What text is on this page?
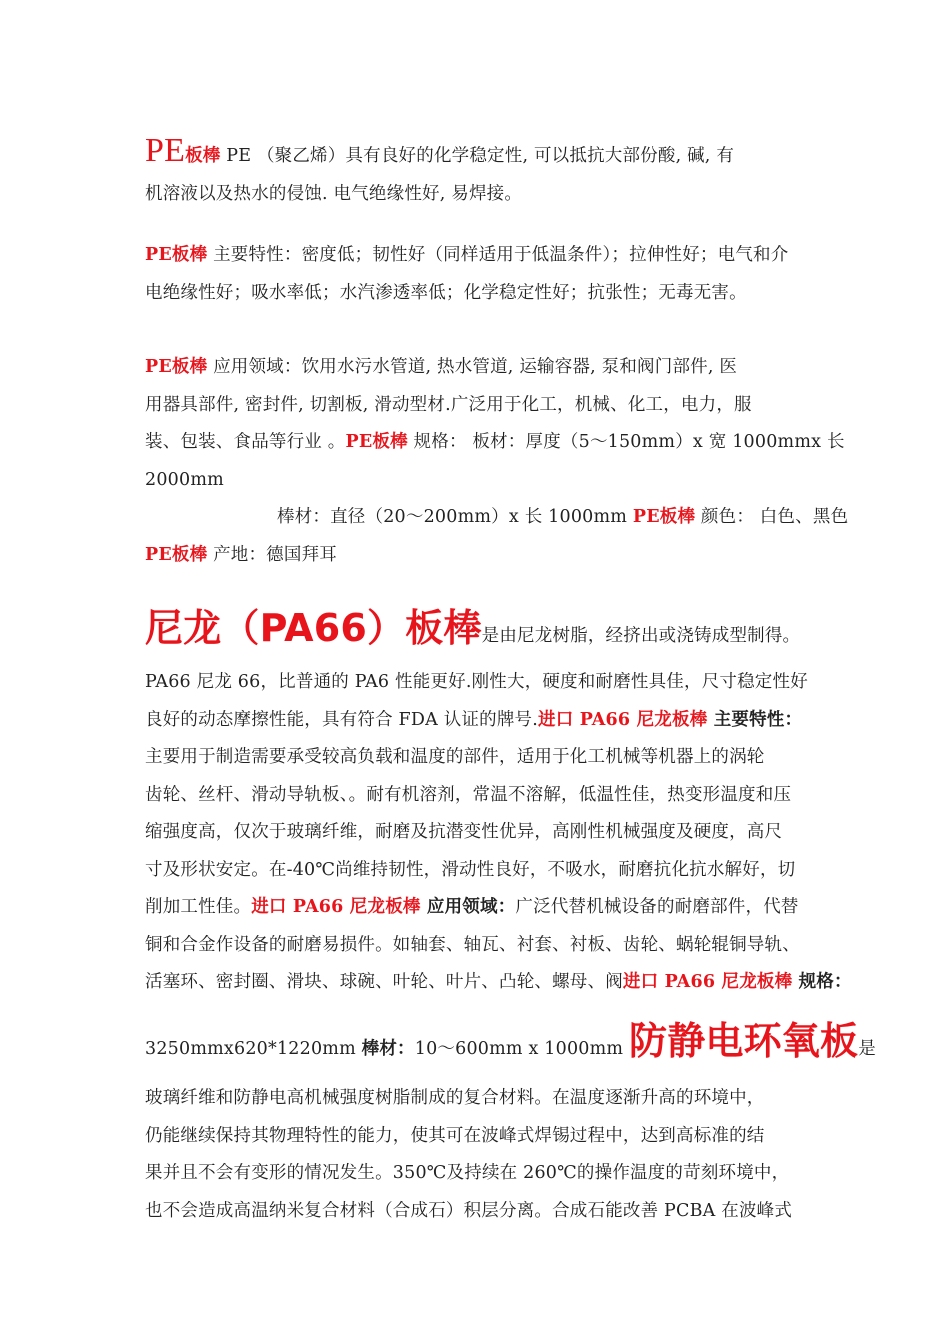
PE板棒 PE （聚乙烯）具有良好的化学稳定性, 可以抵抗大部份酸, 碱, 有
机溶液以及热水的侵蚀. 电气绝缘性好, 易焊接。
PE板棒 主要特性：密度低；韧性好（同样适用于低温条件）；拉伸性好；电气和介
电绝缘性好；吸水率低；水汽渗透率低；化学稳定性好；抗张性；无毒无害。
PE板棒 应用领域：饮用水污水管道, 热水管道, 运输容器, 泵和阀门部件, 医
用器具部件, 密封件, 切割板, 滑动型材.广泛用于化工，机械、化工，电力，服
装、包装、食品等行业 。PE板棒 规格： 板材：厚度（5～150mm）x 宽 1000mmx 长
2000mm
棒材：直径（20～200mm）x 长 1000mm PE板棒 颜色： 白色、黑色
PE板棒 产地：德国拜耳
尼龙（PA66）板棒是由尼龙树脂，经挤出或浇铸成型制得。
PA66 尼龙 66，比普通的 PA6 性能更好.刚性大，硬度和耐磨性具佳，尺寸稳定性好
良好的动态摩擦性能，具有符合 FDA 认证的牌号.进口 PA66 尼龙板棒 主要特性：
主要用于制造需要承受较高负载和温度的部件，适用于化工机械等机器上的涡轮
齿轮、丝杆、滑动导轨板、。耐有机溶剂，常温不溶解，低温性佳，热变形温度和压
缩强度高，仅次于玻璃纤维，耐磨及抗潜变性优异，高刚性机械强度及硬度，高尺
寸及形状安定。在-40℃尚维持韧性，滑动性良好，不吸水，耐磨抗化抗水解好，切
削加工性佳。进口 PA66 尼龙板棒 应用领域：广泛代替机械设备的耐磨部件，代替
铜和合金作设备的耐磨易损件。如轴套、轴瓦、衬套、衬板、齿轮、蜗轮辊铜导轨、
活塞环、密封圈、滑块、球碗、叶轮、叶片、凸轮、螺母、阀进口 PA66 尼龙板棒 规格：
3250mmx620*1220mm 棒材：10～600mm x 1000mm 防静电环氧板是
玻璃纤维和防静电高机械强度树脂制成的复合材料。在温度逐渐升高的环境中，
仍能继续保持其物理特性的能力，使其可在波峰式焊锡过程中，达到高标准的结
果并且不会有变形的情况发生。350℃及持续在 260℃的操作温度的苛刻环境中，
也不会造成高温纳米复合材料（合成石）积层分离。合成石能改善 PCBA 在波峰式
